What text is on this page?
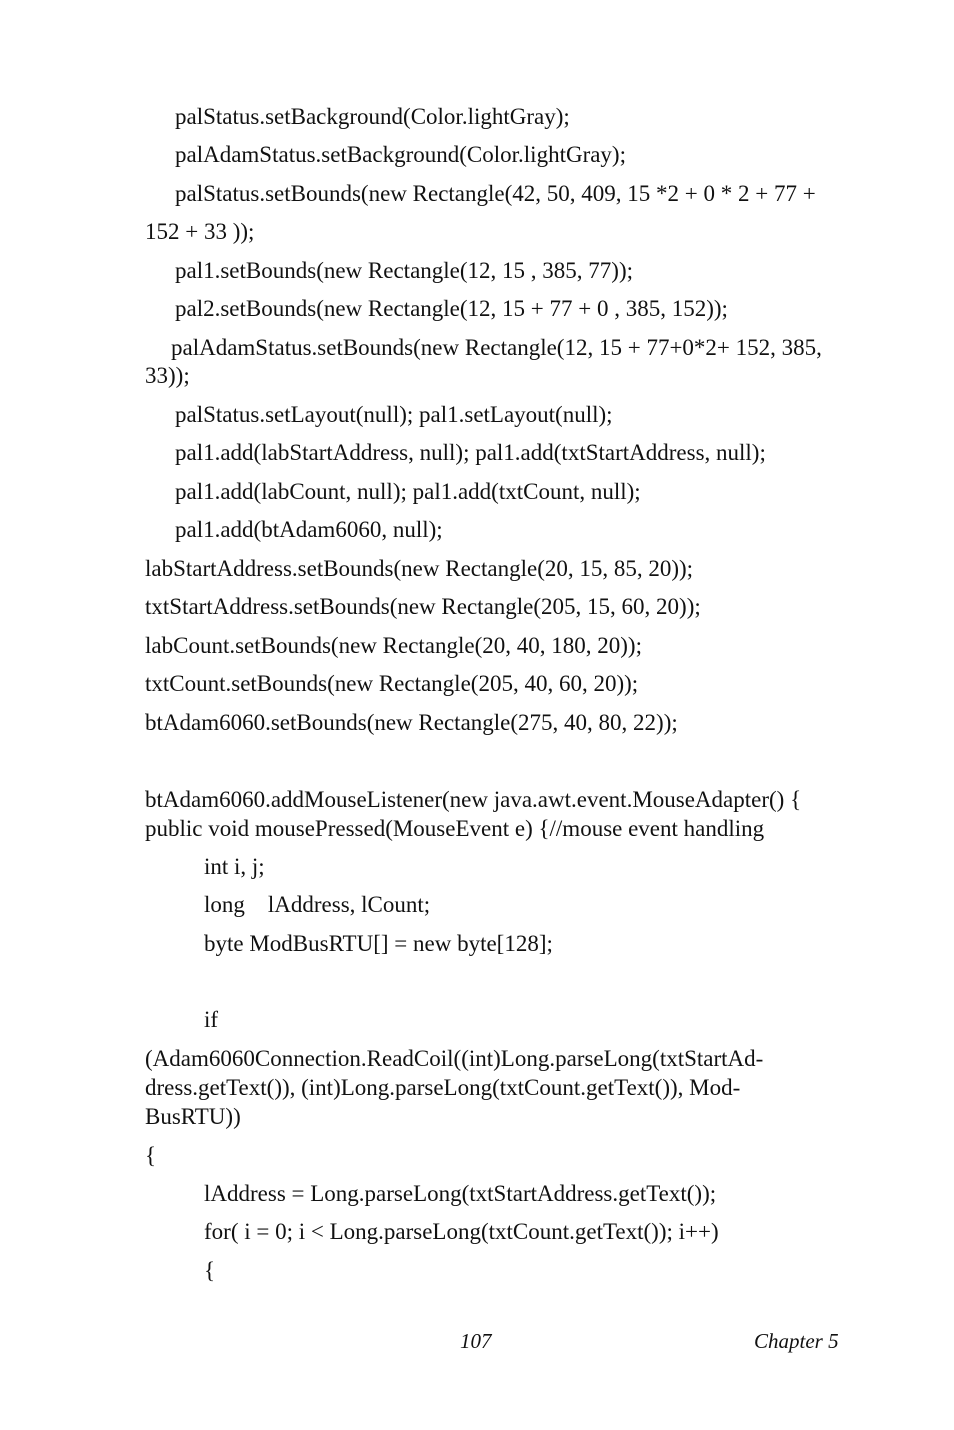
palStatus.setBackground(Color.lightGray);
palAdamStatus.setBackground(Color.lightGray);
palStatus.setBounds(new Rectangle(42, 50, 409, 15 *2 + 0 * 2 + 77 +
152 + 33 ));
pal1.setBounds(new Rectangle(12, 15 , 385, 77));
pal2.setBounds(new Rectangle(12, 15 + 77 + 0 , 385, 152));
palAdamStatus.setBounds(new Rectangle(12, 15 + 77+0*2+ 152, 385,
33));
palStatus.setLayout(null); pal1.setLayout(null);
pal1.add(labStartAddress, null); pal1.add(txtStartAddress, null);
pal1.add(labCount, null); pal1.add(txtCount, null);
pal1.add(btAdam6060, null);
labStartAddress.setBounds(new Rectangle(20, 15, 85, 20));
txtStartAddress.setBounds(new Rectangle(205, 15, 60, 20));
labCount.setBounds(new Rectangle(20, 40, 180, 20));
txtCount.setBounds(new Rectangle(205, 40, 60, 20));
btAdam6060.setBounds(new Rectangle(275, 40, 80, 22));
btAdam6060.addMouseListener(new java.awt.event.MouseAdapter() {
public void mousePressed(MouseEvent e) {//mouse event handling
int i, j;
long    lAddress, lCount;
byte ModBusRTU[] = new byte[128];
if
(Adam6060Connection.ReadCoil((int)Long.parseLong(txtStartAd-
dress.getText()), (int)Long.parseLong(txtCount.getText()), Mod-
BusRTU))
{
lAddress = Long.parseLong(txtStartAddress.getText());
for( i = 0; i < Long.parseLong(txtCount.getText()); i++)
{
107	Chapter 5
